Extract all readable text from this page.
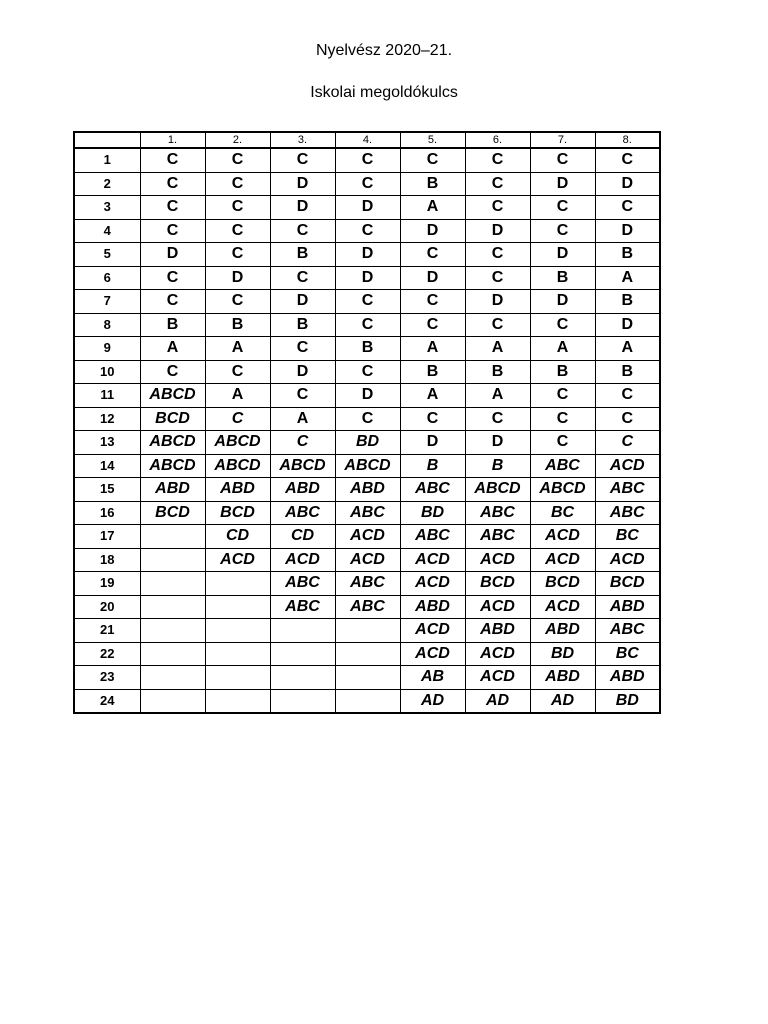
Nyelvész 2020–21.
Iskolai megoldókulcs
	1.	2.	3.	4.	5.	6.	7.	8.
1	C	C	C	C	C	C	C	C
2	C	C	D	C	B	C	D	D
3	C	C	D	D	A	C	C	C
4	C	C	C	C	D	D	C	D
5	D	C	B	D	C	C	D	B
6	C	D	C	D	D	C	B	A
7	C	C	D	C	C	D	D	B
8	B	B	B	C	C	C	C	D
9	A	A	C	B	A	A	A	A
10	C	C	D	C	B	B	B	B
11	ABCD	A	C	D	A	A	C	C
12	BCD	C	A	C	C	C	C	C
13	ABCD	ABCD	C	BD	D	D	C	C
14	ABCD	ABCD	ABCD	ABCD	B	B	ABC	ACD
15	ABD	ABD	ABD	ABD	ABC	ABCD	ABCD	ABC
16	BCD	BCD	ABC	ABC	BD	ABC	BC	ABC
17		CD	CD	ACD	ABC	ABC	ACD	BC
18		ACD	ACD	ACD	ACD	ACD	ACD	ACD
19			ABC	ABC	ACD	BCD	BCD	BCD
20			ABC	ABC	ABD	ACD	ACD	ABD
21					ACD	ABD	ABD	ABC
22					ACD	ACD	BD	BC
23					AB	ACD	ABD	ABD
24					AD	AD	AD	BD
